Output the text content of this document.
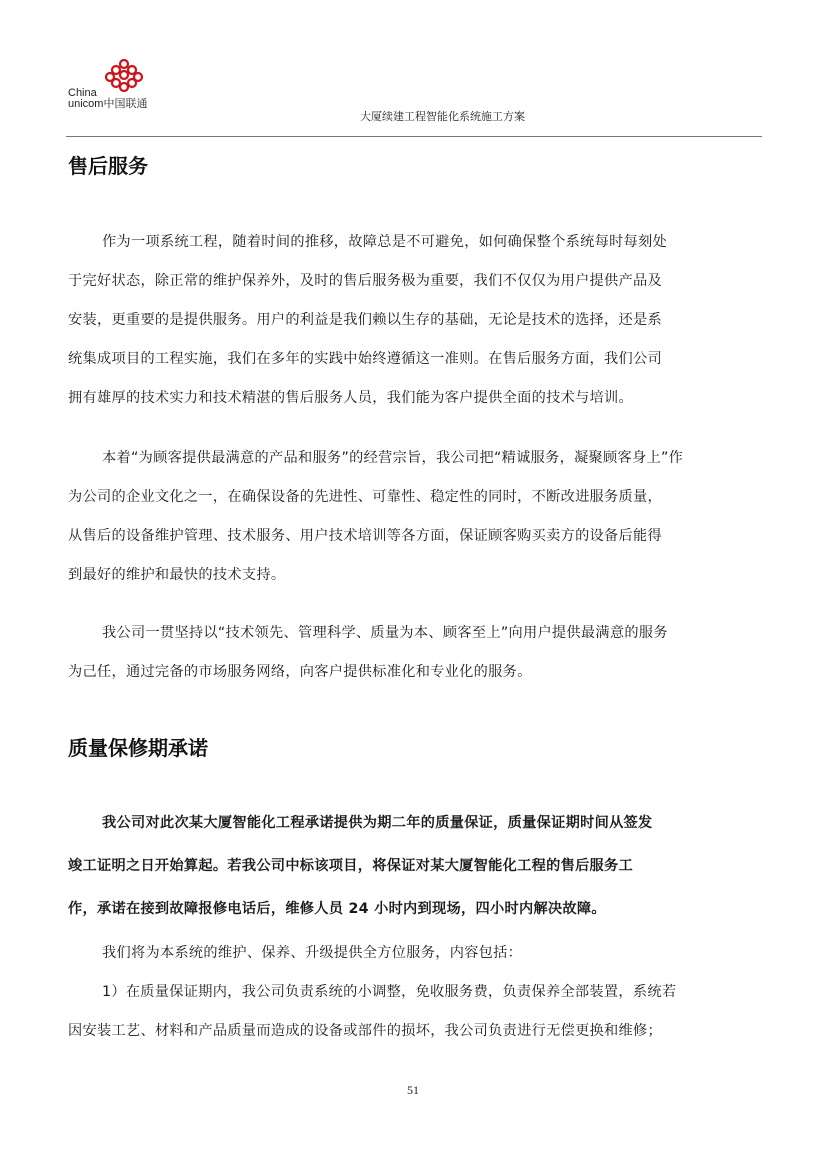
China
unicom中国联通
大厦续建工程智能化系统施工方案
售后服务
作为一项系统工程，随着时间的推移，故障总是不可避免，如何确保整个系统每时每刻处
于完好状态，除正常的维护保养外，及时的售后服务极为重要，我们不仅仅为用户提供产品及
安装，更重要的是提供服务。用户的利益是我们赖以生存的基础，无论是技术的选择，还是系
统集成项目的工程实施，我们在多年的实践中始终遵循这一准则。在售后服务方面，我们公司
拥有雄厚的技术实力和技术精湛的售后服务人员，我们能为客户提供全面的技术与培训。
本着“为顾客提供最满意的产品和服务”的经营宗旨，我公司把“精诚服务，凝聚顾客身上”作
为公司的企业文化之一，在确保设备的先进性、可靠性、稳定性的同时，不断改进服务质量，
从售后的设备维护管理、技术服务、用户技术培训等各方面，保证顾客购买卖方的设备后能得
到最好的维护和最快的技术支持。
我公司一贯坚持以“技术领先、管理科学、质量为本、顾客至上”向用户提供最满意的服务
为己任，通过完备的市场服务网络，向客户提供标准化和专业化的服务。
质量保修期承诺
我公司对此次某大厦智能化工程承诺提供为期二年的质量保证，质量保证期时间从签发
竣工证明之日开始算起。若我公司中标该项目，将保证对某大厦智能化工程的售后服务工
作，承诺在接到故障报修电话后，维修人员 24 小时内到现场，四小时内解决故障。
我们将为本系统的维护、保养、升级提供全方位服务，内容包括：
1）在质量保证期内，我公司负责系统的小调整，免收服务费，负责保养全部装置，系统若
因安装工艺、材料和产品质量而造成的设备或部件的损坏，我公司负责进行无偿更换和维修；
51
